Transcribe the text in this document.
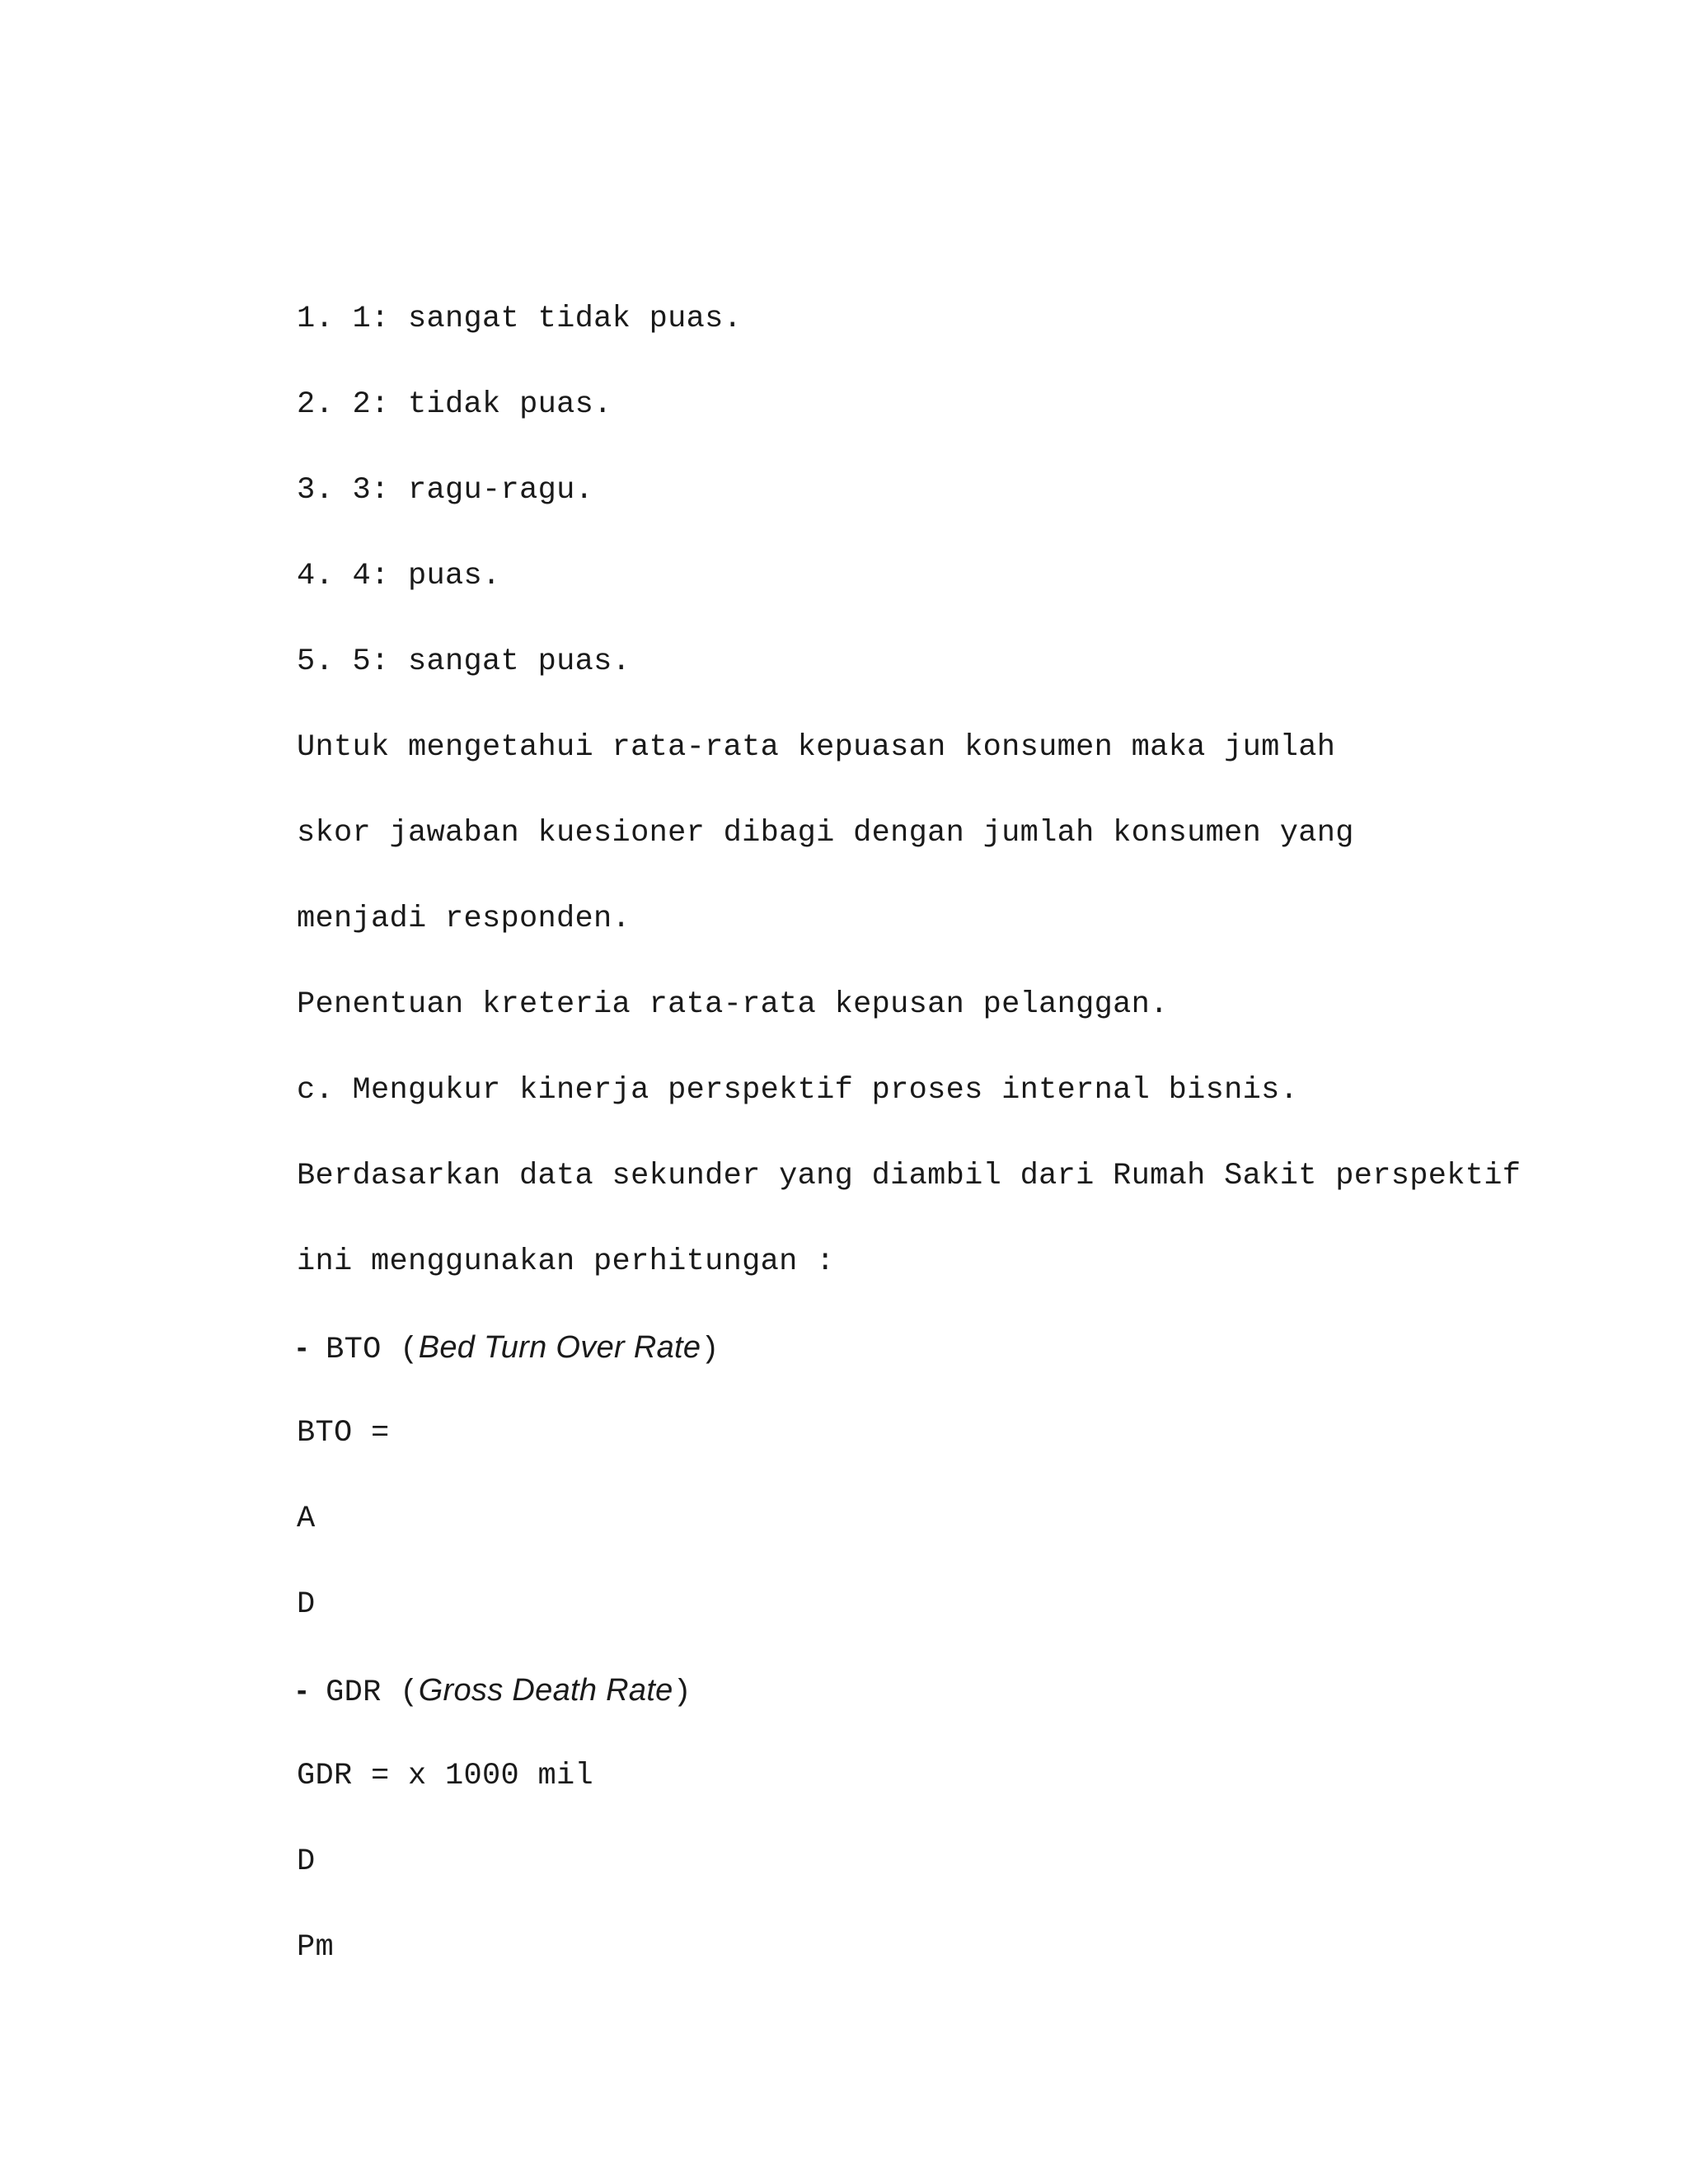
1. 1: sangat tidak puas.
2. 2: tidak puas.
3. 3: ragu-ragu.
4. 4: puas.
5. 5: sangat puas.
Untuk mengetahui rata-rata kepuasan konsumen maka jumlah
skor jawaban kuesioner dibagi dengan jumlah konsumen yang
menjadi responden.
Penentuan kreteria rata-rata kepusan pelanggan.
c. Mengukur kinerja perspektif proses internal bisnis.
Berdasarkan data sekunder yang diambil dari Rumah Sakit perspektif
ini menggunakan perhitungan :
- BTO (Bed Turn Over Rate)
BTO =
A
D
- GDR (Gross Death Rate)
GDR = x 1000 mil
D
Pm
